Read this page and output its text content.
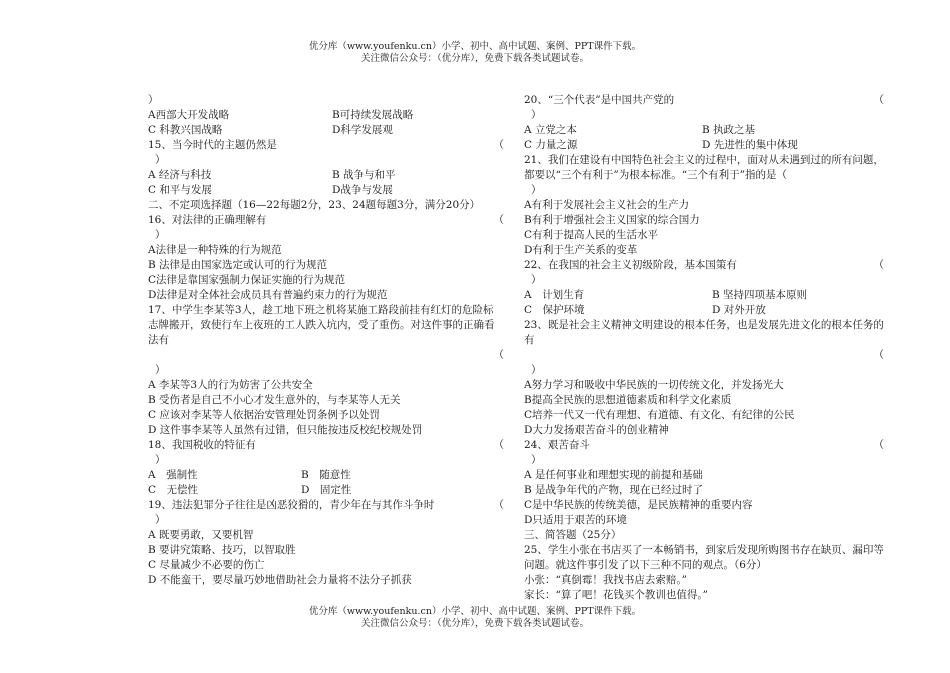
优分库（www.youfenku.cn）小学、初中、高中试题、案例、PPT课件下载。
关注微信公众号：（优分库），免费下载各类试题试卷。
）
A西部大开发战略	B可持续发展战略
C 科教兴国战略	D科学发展观
15、当今时代的主题仍然是	（
）
A 经济与科技	B 战争与和平
C 和平与发展	D战争与发展
二、不定项选择题（16—22每题2分，23、24题每题3分，满分20分）
16、对法律的正确理解有	（
）
A法律是一种特殊的行为规范
B 法律是由国家选定或认可的行为规范
C法律是靠国家强制力保证实施的行为规范
D法律是对全体社会成员具有普遍约束力的行为规范
17、中学生李某等3人，趁工地下班之机将某施工路段前挂有红灯的危险标志牌搬开，致使行车上夜班的工人跌入坑内，受了重伤。对这件事的正确看法有
（
）
A 李某等3人的行为妨害了公共安全
B 受伤者是自己不小心才发生意外的，与李某等人无关
C 应该对李某等人依据治安管理处罚条例予以处罚
D 这件事李某等人虽然有过错，但只能按违反校纪校规处罚
18、我国税收的特征有	（
）
A　强制性	B　随意性
C　无偿性	D　固定性
19、违法犯罪分子往往是凶恶狡猾的，青少年在与其作斗争时	（
）
A 既要勇敢，又要机智
B 要讲究策略、技巧，以智取胜
C 尽量减少不必要的伤亡
D 不能蛮干，要尽量巧妙地借助社会力量将不法分子抓获
20、“三个代表”是中国共产党的	（
）
A 立党之本	B 执政之基
C 力量之源	D 先进性的集中体现
21、我们在建设有中国特色社会主义的过程中，面对从未遇到过的所有问题，都要以“三个有利于”为根本标准。“三个有利于”指的是（
）
A有利于发展社会主义社会的生产力
B有利于增强社会主义国家的综合国力
C有利于提高人民的生活水平
D有利于生产关系的变革
22、在我国的社会主义初级阶段，基本国策有	（
）
A　计划生育	B 坚持四项基本原则
C　保护环境	D 对外开放
23、既是社会主义精神文明建设的根本任务，也是发展先进文化的根本任务的有
（
）
A努力学习和吸收中华民族的一切传统文化，并发扬光大
B提高全民族的思想道德素质和科学文化素质
C培养一代又一代有理想、有道德、有文化、有纪律的公民
D大力发扬艰苦奋斗的创业精神
24、艰苦奋斗	（
）
A 是任何事业和理想实现的前提和基础
B 是战争年代的产物，现在已经过时了
C是中华民族的传统美德，是民族精神的重要内容
D只适用于艰苦的环境
三、简答题（25分）
25、学生小张在书店买了一本畅销书，到家后发现所购图书存在缺页、漏印等问题。就这件事引发了以下三种不同的观点。（6分）
小张：“真倒霉！我找书店去索赔。”
家长：“算了吧！花钱买个教训也值得。”
优分库（www.youfenku.cn）小学、初中、高中试题、案例、PPT课件下载。
关注微信公众号：（优分库），免费下载各类试题试卷。
